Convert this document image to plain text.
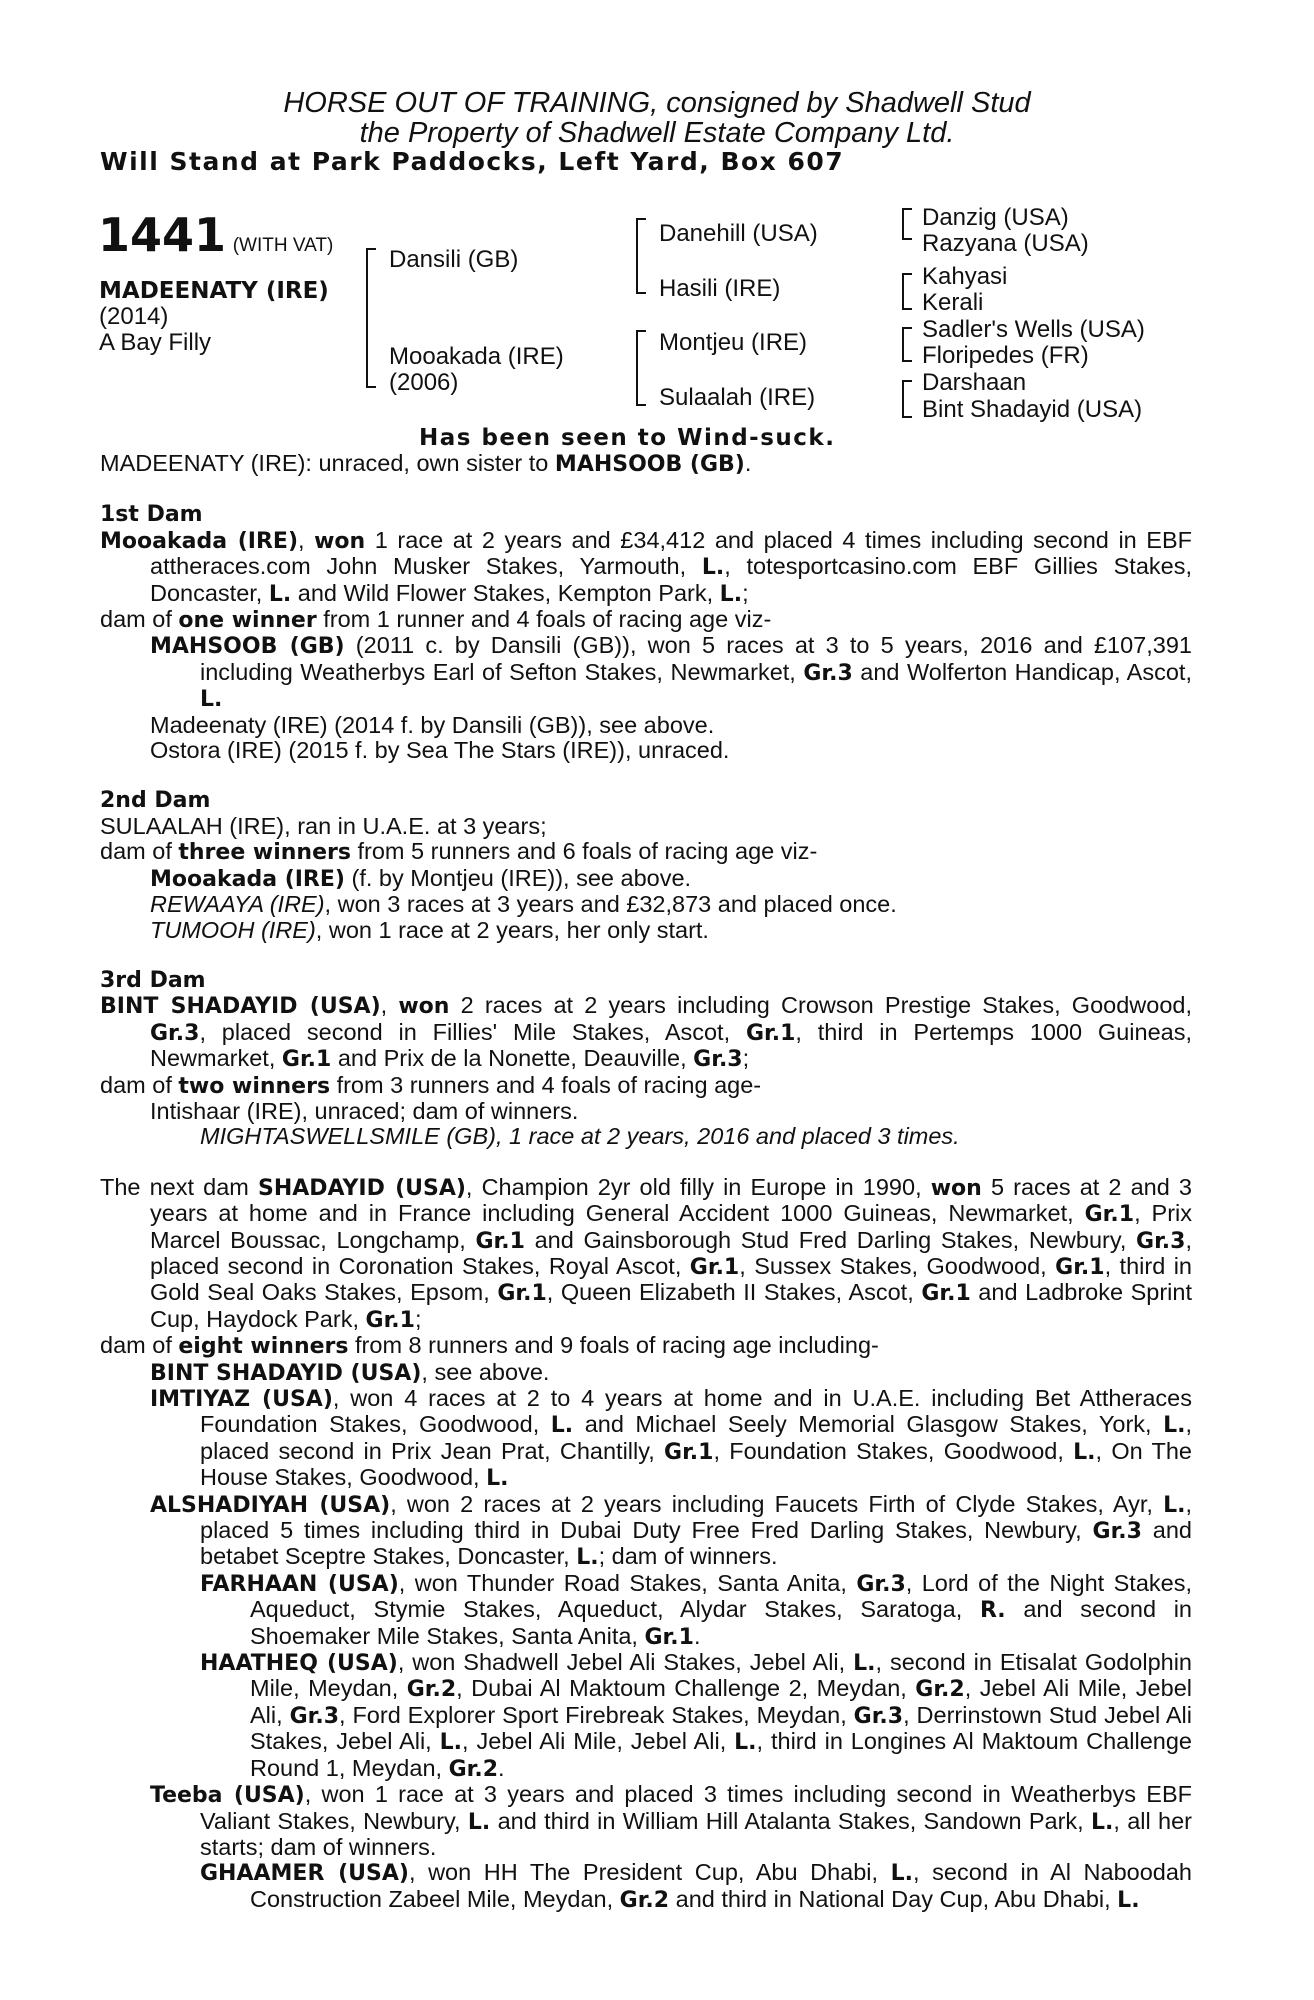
HORSE OUT OF TRAINING, consigned by Shadwell Stud
the Property of Shadwell Estate Company Ltd.
Will Stand at Park Paddocks, Left Yard, Box 607
1441 (WITH VAT)
MADEENATY (IRE)
(2014)
A Bay Filly
Dansili (GB)
Mooakada (IRE)
(2006)
Danehill (USA)
Hasili (IRE)
Montjeu (IRE)
Sulaalah (IRE)
Danzig (USA)
Razyana (USA)
Kahyasi
Kerali
Sadler's Wells (USA)
Floripedes (FR)
Darshaan
Bint Shadayid (USA)
Has been seen to Wind-suck.

MADEENATY (IRE): unraced, own sister to MAHSOOB (GB).

1st Dam

Mooakada (IRE), won 1 race at 2 years and £34,412 and placed 4 times including second in EBF attheraces.com John Musker Stakes, Yarmouth, L., totesportcasino.com EBF Gillies Stakes, Doncaster, L. and Wild Flower Stakes, Kempton Park, L.;

dam of one winner from 1 runner and 4 foals of racing age viz-

MAHSOOB (GB) (2011 c. by Dansili (GB)), won 5 races at 3 to 5 years, 2016 and £107,391 including Weatherbys Earl of Sefton Stakes, Newmarket, Gr.3 and Wolferton Handicap, Ascot, L.

Madeenaty (IRE) (2014 f. by Dansili (GB)), see above.

Ostora (IRE) (2015 f. by Sea The Stars (IRE)), unraced.

2nd Dam

SULAALAH (IRE), ran in U.A.E. at 3 years;

dam of three winners from 5 runners and 6 foals of racing age viz-

Mooakada (IRE) (f. by Montjeu (IRE)), see above.

REWAAYA (IRE), won 3 races at 3 years and £32,873 and placed once.

TUMOOH (IRE), won 1 race at 2 years, her only start.

3rd Dam

BINT SHADAYID (USA), won 2 races at 2 years including Crowson Prestige Stakes, Goodwood, Gr.3, placed second in Fillies' Mile Stakes, Ascot, Gr.1, third in Pertemps 1000 Guineas, Newmarket, Gr.1 and Prix de la Nonette, Deauville, Gr.3;

dam of two winners from 3 runners and 4 foals of racing age-

Intishaar (IRE), unraced; dam of winners.

MIGHTASWELLSMILE (GB), 1 race at 2 years, 2016 and placed 3 times.

The next dam SHADAYID (USA), Champion 2yr old filly in Europe in 1990, won 5 races at 2 and 3 years at home and in France including General Accident 1000 Guineas, Newmarket, Gr.1, Prix Marcel Boussac, Longchamp, Gr.1 and Gainsborough Stud Fred Darling Stakes, Newbury, Gr.3, placed second in Coronation Stakes, Royal Ascot, Gr.1, Sussex Stakes, Goodwood, Gr.1, third in Gold Seal Oaks Stakes, Epsom, Gr.1, Queen Elizabeth II Stakes, Ascot, Gr.1 and Ladbroke Sprint Cup, Haydock Park, Gr.1;

dam of eight winners from 8 runners and 9 foals of racing age including-

BINT SHADAYID (USA), see above.

IMTIYAZ (USA), won 4 races at 2 to 4 years at home and in U.A.E. including Bet Attheraces Foundation Stakes, Goodwood, L. and Michael Seely Memorial Glasgow Stakes, York, L., placed second in Prix Jean Prat, Chantilly, Gr.1, Foundation Stakes, Goodwood, L., On The House Stakes, Goodwood, L.

ALSHADIYAH (USA), won 2 races at 2 years including Faucets Firth of Clyde Stakes, Ayr, L., placed 5 times including third in Dubai Duty Free Fred Darling Stakes, Newbury, Gr.3 and betabet Sceptre Stakes, Doncaster, L.; dam of winners.

FARHAAN (USA), won Thunder Road Stakes, Santa Anita, Gr.3, Lord of the Night Stakes, Aqueduct, Stymie Stakes, Aqueduct, Alydar Stakes, Saratoga, R. and second in Shoemaker Mile Stakes, Santa Anita, Gr.1.

HAATHEQ (USA), won Shadwell Jebel Ali Stakes, Jebel Ali, L., second in Etisalat Godolphin Mile, Meydan, Gr.2, Dubai Al Maktoum Challenge 2, Meydan, Gr.2, Jebel Ali Mile, Jebel Ali, Gr.3, Ford Explorer Sport Firebreak Stakes, Meydan, Gr.3, Derrinstown Stud Jebel Ali Stakes, Jebel Ali, L., Jebel Ali Mile, Jebel Ali, L., third in Longines Al Maktoum Challenge Round 1, Meydan, Gr.2.

Teeba (USA), won 1 race at 3 years and placed 3 times including second in Weatherbys EBF Valiant Stakes, Newbury, L. and third in William Hill Atalanta Stakes, Sandown Park, L., all her starts; dam of winners.

GHAAMER (USA), won HH The President Cup, Abu Dhabi, L., second in Al Naboodah Construction Zabeel Mile, Meydan, Gr.2 and third in National Day Cup, Abu Dhabi, L.
